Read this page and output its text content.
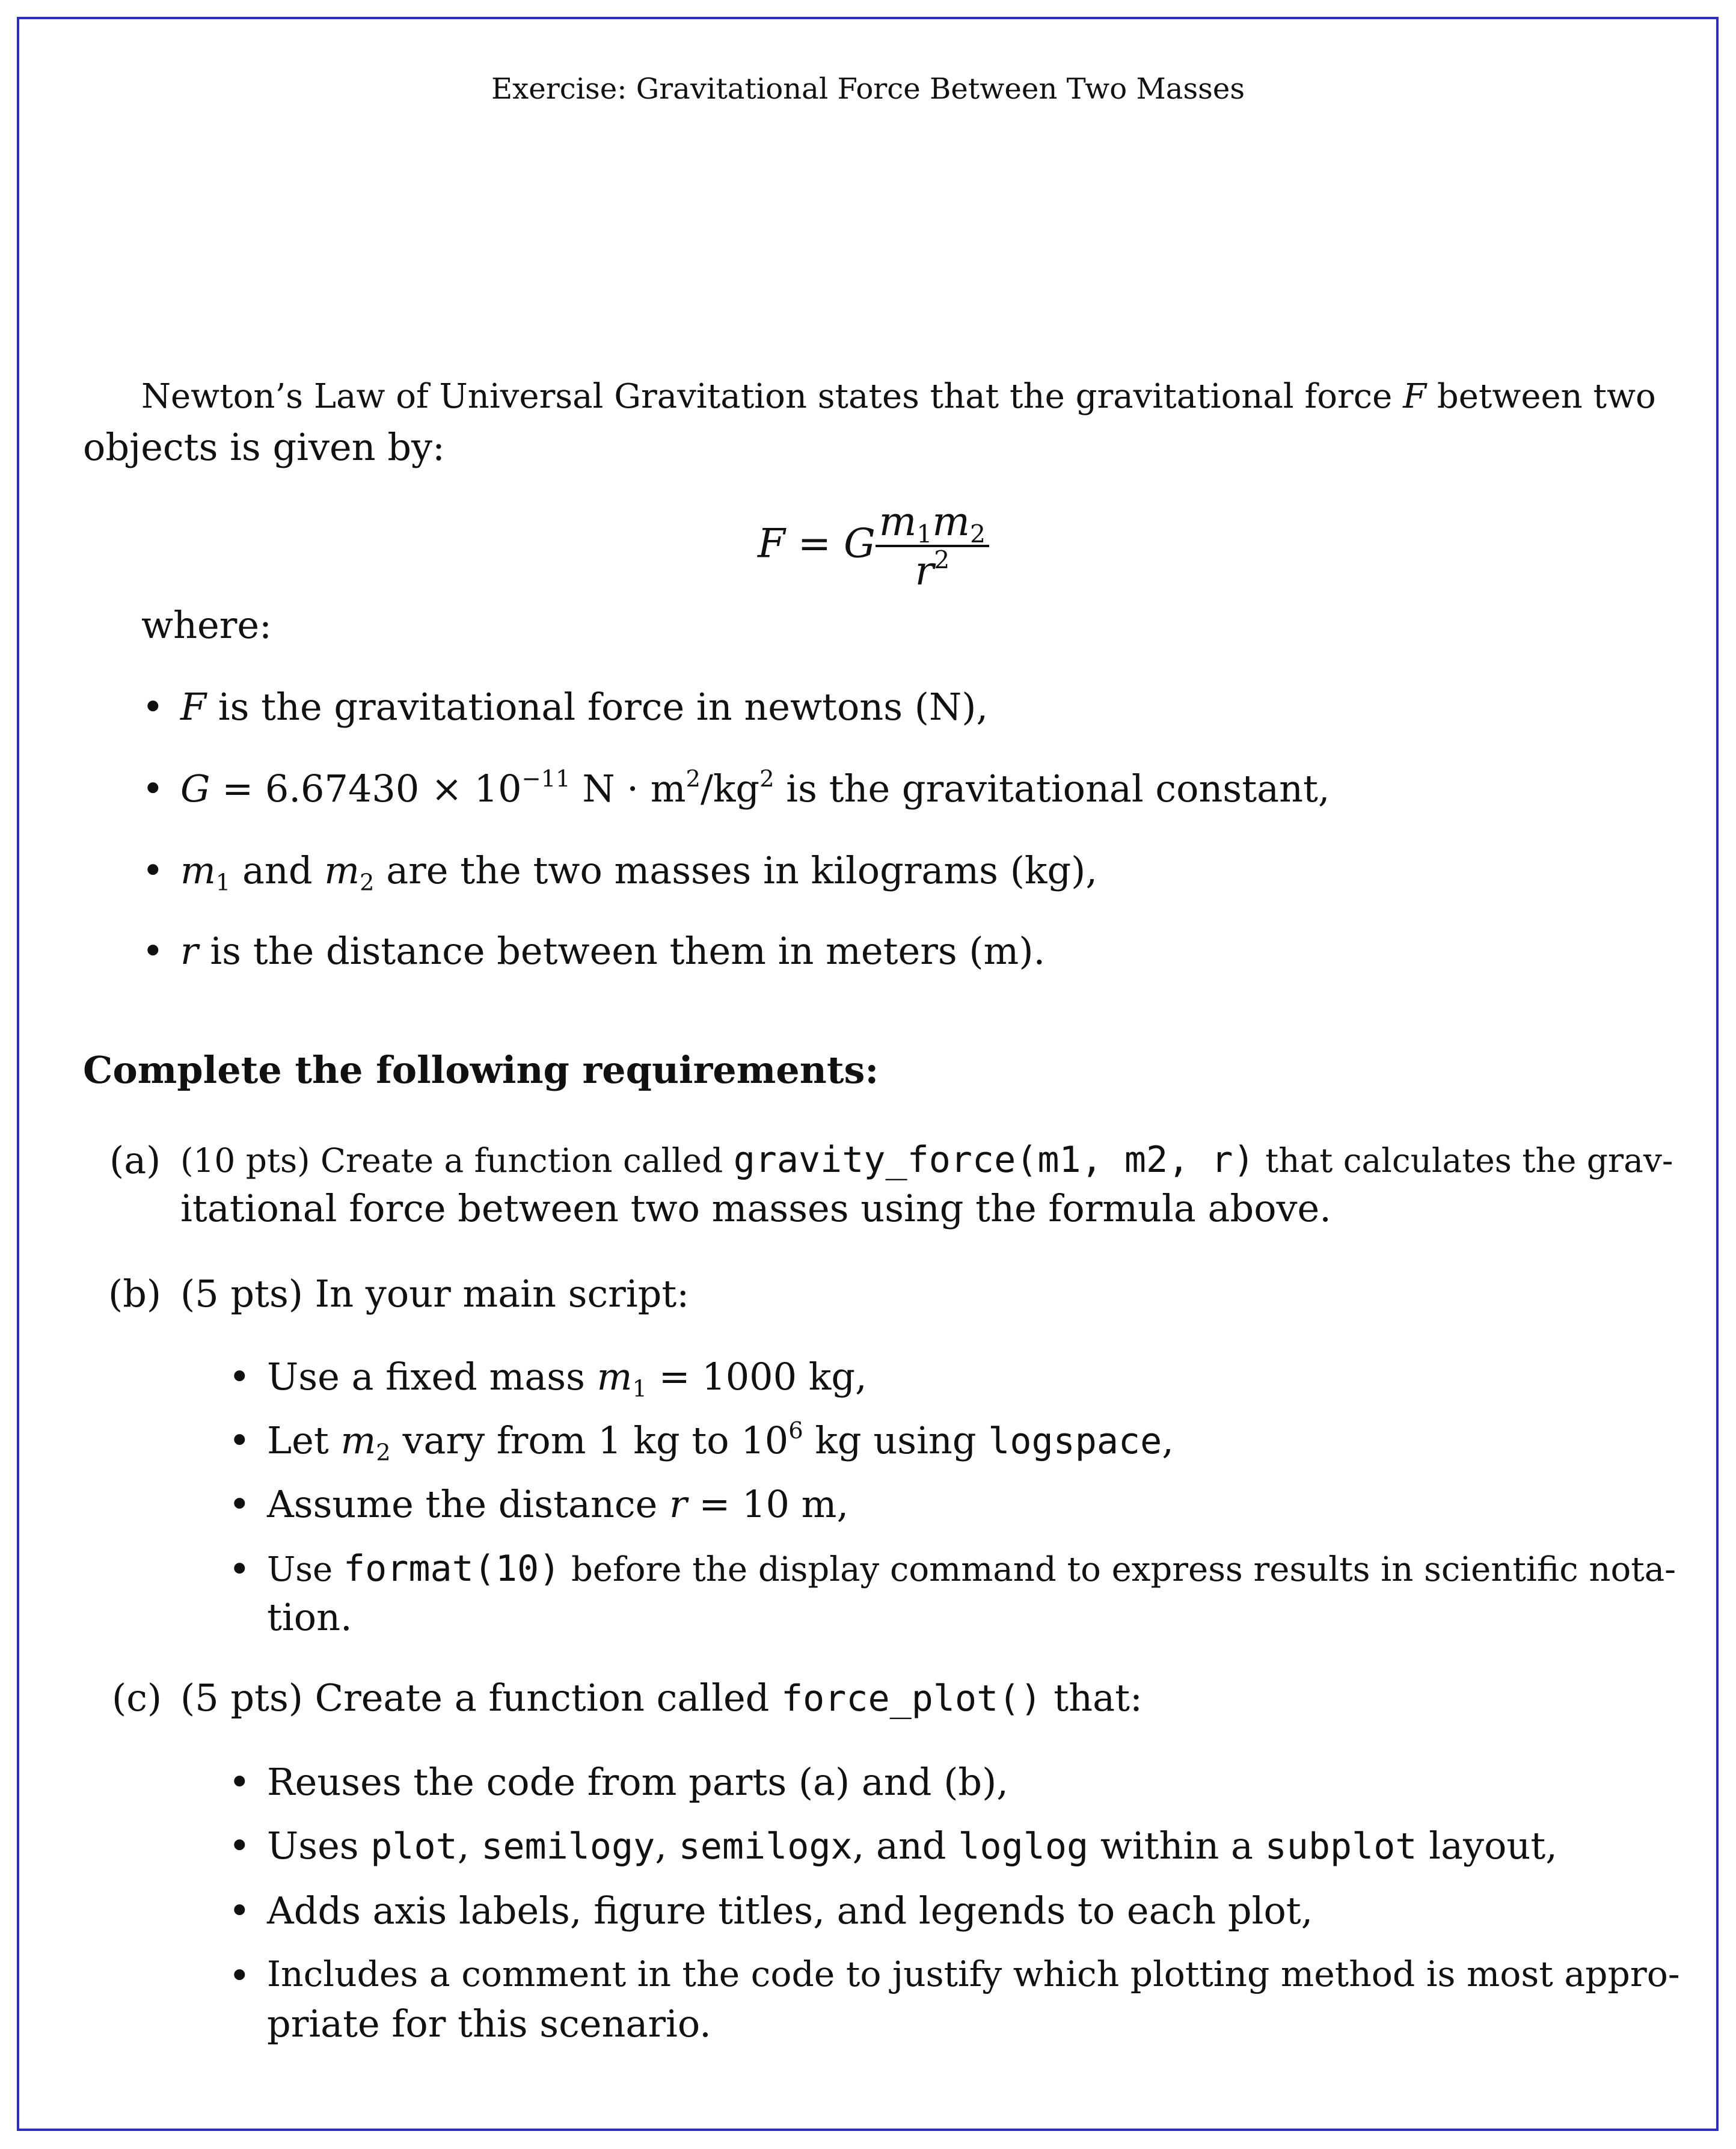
Exercise: Gravitational Force Between Two Masses
Newton’s Law of Universal Gravitation states that the gravitational force F between two
objects is given by:
F = G $\frac{m_1m_2}{r^2}$
where:
• F is the gravitational force in newtons (N),
• $G = 6.67430 \times 10^{-11}$ $N \cdot m^2/kg^2$ is the gravitational constant,
• $m_1$ and $m_2$ are the two masses in kilograms (kg),
• r is the distance between them in meters (m).
Complete the following requirements:
(a) (10 pts) Create a function called gravity_force(m1, m2, r) that calculates the grav-
itational force between two masses using the formula above.
(b) (5 pts) In your main script:
• Use a fixed mass $m_1 = 1000$ kg,
• Let $m_2$ vary from 1 kg to $10^6$ kg using logspace,
• Assume the distance r = 10 m,
• Use format(10) before the display command to express results in scientific nota-
tion.
(c) (5 pts) Create a function called force_plot() that:
• Reuses the code from parts (a) and (b),
• Uses plot, semilogy, semilogx, and loglog within a subplot layout,
• Adds axis labels, figure titles, and legends to each plot,
• Includes a comment in the code to justify which plotting method is most appro-
priate for this scenario.
